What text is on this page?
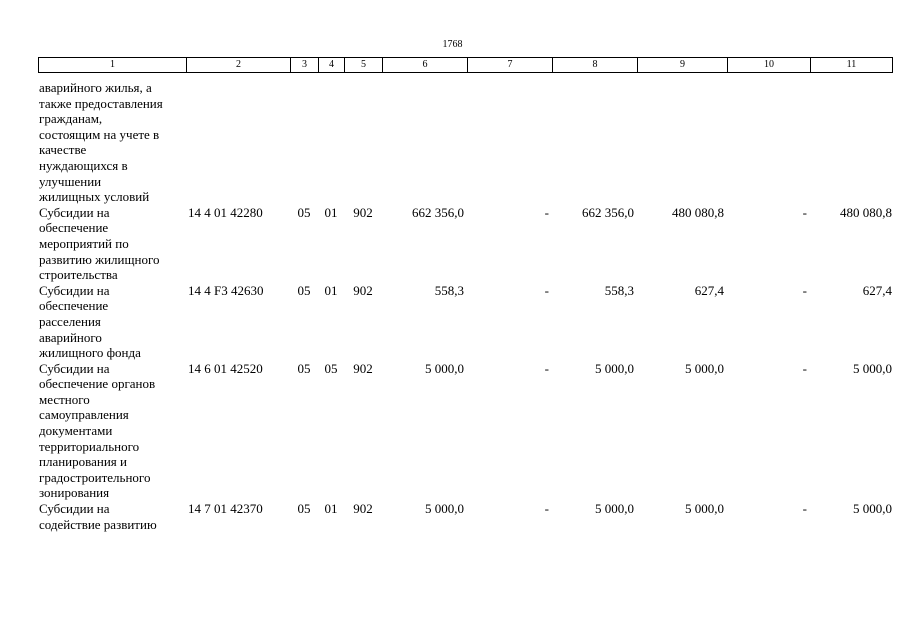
1768
1	2	3	4	5	6	7	8	9	10	11
аварийного жилья, а
также предоставления
гражданам,
состоящим на учете в
качестве
нуждающихся в
улучшении
жилищных условий
Субсидии на
обеспечение
мероприятий по
развитию жилищного
строительства
14 4 01 42280	05	01	902	662 356,0	-	662 356,0	480 080,8	-	480 080,8
Субсидии на
обеспечение
расселения
аварийного
жилищного фонда
14 4 F3 42630	05	01	902	558,3	-	558,3	627,4	-	627,4
Субсидии на
обеспечение органов
местного
самоуправления
документами
территориального
планирования и
градостроительного
зонирования
14 6 01 42520	05	05	902	5 000,0	-	5 000,0	5 000,0	-	5 000,0
Субсидии на
содействие развитию
14 7 01 42370	05	01	902	5 000,0	-	5 000,0	5 000,0	-	5 000,0
